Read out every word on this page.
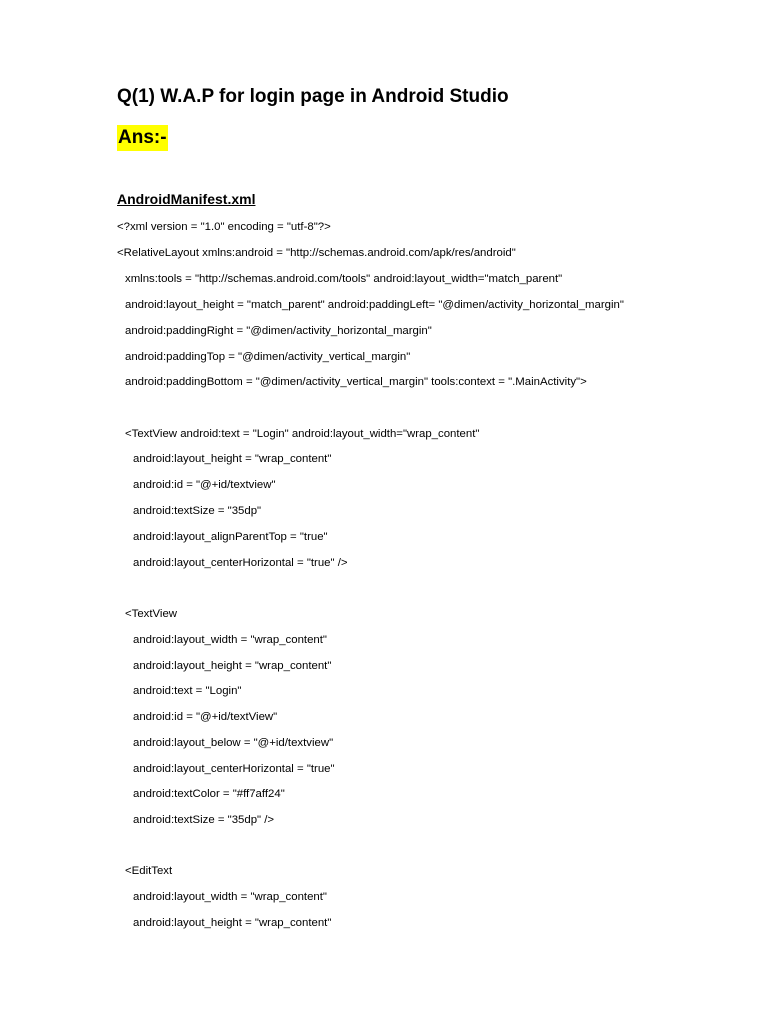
Q(1) W.A.P for login page in Android Studio
Ans:-
AndroidManifest.xml
<?xml version = "1.0" encoding = "utf-8"?>
<RelativeLayout xmlns:android = "http://schemas.android.com/apk/res/android"
xmlns:tools = "http://schemas.android.com/tools" android:layout_width="match_parent"
android:layout_height = "match_parent" android:paddingLeft= "@dimen/activity_horizontal_margin"
android:paddingRight = "@dimen/activity_horizontal_margin"
android:paddingTop = "@dimen/activity_vertical_margin"
android:paddingBottom = "@dimen/activity_vertical_margin" tools:context = ".MainActivity">
<TextView android:text = "Login" android:layout_width="wrap_content"
android:layout_height = "wrap_content"
android:id = "@+id/textview"
android:textSize = "35dp"
android:layout_alignParentTop = "true"
android:layout_centerHorizontal = "true" />
<TextView
android:layout_width = "wrap_content"
android:layout_height = "wrap_content"
android:text = "Login"
android:id = "@+id/textView"
android:layout_below = "@+id/textview"
android:layout_centerHorizontal = "true"
android:textColor = "#ff7aff24"
android:textSize = "35dp" />
<EditText
android:layout_width = "wrap_content"
android:layout_height = "wrap_content"
